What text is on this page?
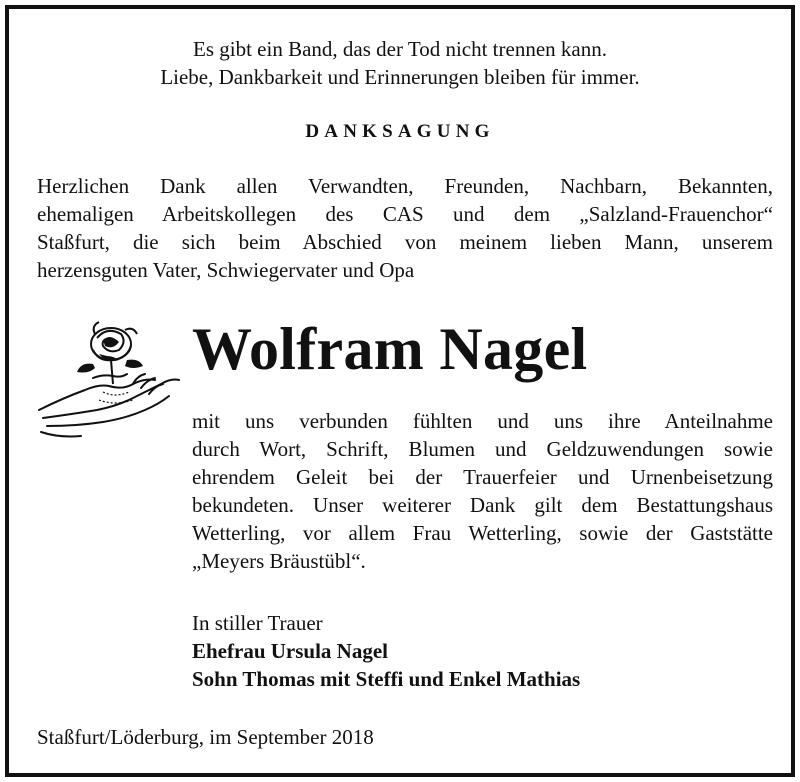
Es gibt ein Band, das der Tod nicht trennen kann.
Liebe, Dankbarkeit und Erinnerungen bleiben für immer.
DANKSAGUNG
Herzlichen Dank allen Verwandten, Freunden, Nachbarn, Bekannten,
ehemaligen Arbeitskollegen des CAS und dem „Salzland-Frauenchor“
Staßfurt, die sich beim Abschied von meinem lieben Mann, unserem
herzensguten Vater, Schwiegervater und Opa
Wolfram Nagel
mit uns verbunden fühlten und uns ihre Anteilnahme
durch Wort, Schrift, Blumen und Geldzuwendungen sowie
ehrendem Geleit bei der Trauerfeier und Urnenbeisetzung
bekundeten. Unser weiterer Dank gilt dem Bestattungshaus
Wetterling, vor allem Frau Wetterling, sowie der Gaststätte
„Meyers Bräustübl“.
In stiller Trauer
Ehefrau Ursula Nagel
Sohn Thomas mit Steffi und Enkel Mathias
Staßfurt/Löderburg, im September 2018
